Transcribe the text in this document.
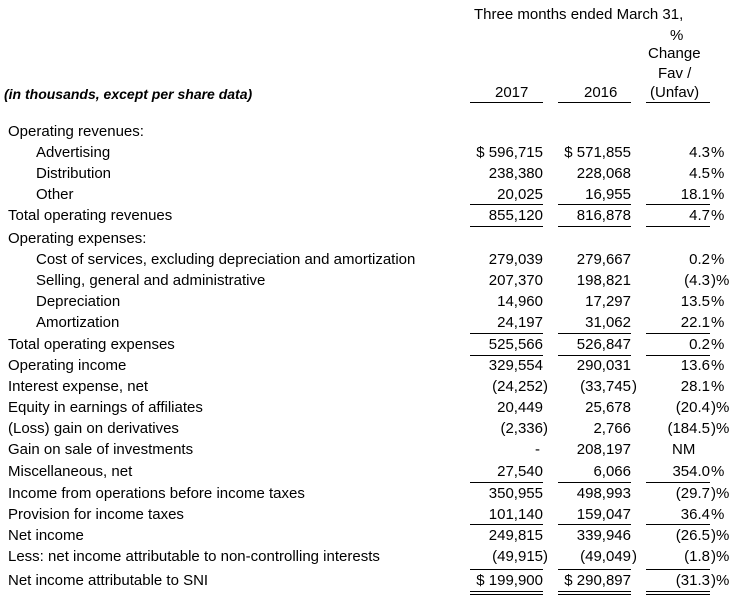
Three months ended March 31,
%
Change
Fav /
(Unfav)
(in thousands, except per share data)	2017	2016
Operating revenues:
Advertising	$ 596,715	$ 571,855	4.3 %
Distribution	238,380	228,068	4.5 %
Other	20,025	16,955	18.1 %
Total operating revenues	855,120	816,878	4.7 %
Operating expenses:
Cost of services, excluding depreciation and amortization	279,039	279,667	0.2 %
Selling, general and administrative	207,370	198,821	(4.3 )%
Depreciation	14,960	17,297	13.5 %
Amortization	24,197	31,062	22.1 %
Total operating expenses	525,566	526,847	0.2 %
Operating income	329,554	290,031	13.6 %
Interest expense, net	(24,252 )	(33,745 )	28.1 %
Equity in earnings of affiliates	20,449	25,678	(20.4 )%
(Loss) gain on derivatives	(2,336 )	2,766	(184.5 )%
Gain on sale of investments	-	208,197	NM
Miscellaneous, net	27,540	6,066	354.0 %
Income from operations before income taxes	350,955	498,993	(29.7 )%
Provision for income taxes	101,140	159,047	36.4 %
Net income	249,815	339,946	(26.5 )%
Less: net income attributable to non-controlling interests	(49,915 )	(49,049 )	(1.8 )%
Net income attributable to SNI	$ 199,900	$ 290,897	(31.3 )%
